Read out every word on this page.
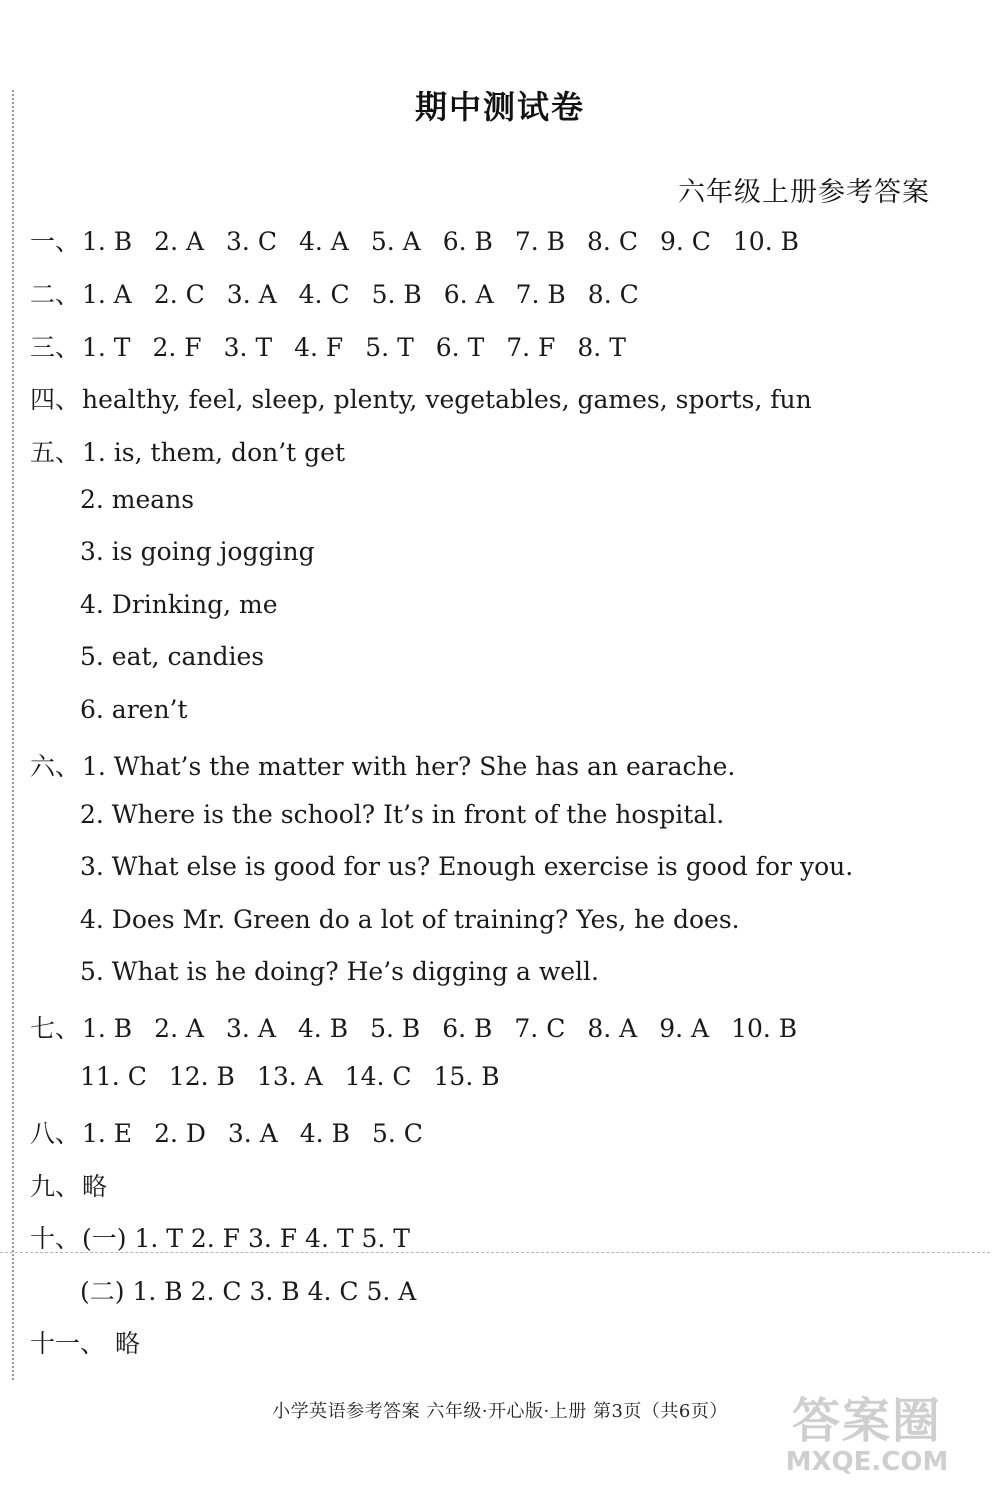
期中测试卷
六年级上册参考答案
一、1. B 2. A 3. C 4. A 5. A 6. B 7. B 8. C 9. C 10. B
二、1. A 2. C 3. A 4. C 5. B 6. A 7. B 8. C
三、1. T 2. F 3. T 4. F 5. T 6. T 7. F 8. T
四、healthy, feel, sleep, plenty, vegetables, games, sports, fun
五、1. is, them, don’t get
2. means
3. is going jogging
4. Drinking, me
5. eat, candies
6. aren’t
六、1. What’s the matter with her? She has an earache.
2. Where is the school? It’s in front of the hospital.
3. What else is good for us? Enough exercise is good for you.
4. Does Mr. Green do a lot of training? Yes, he does.
5. What is he doing? He’s digging a well.
七、1. B 2. A 3. A 4. B 5. B 6. B 7. C 8. A 9. A 10. B
11. C 12. B 13. A 14. C 15. B
八、1. E 2. D 3. A 4. B 5. C
九、略
十、(一) 1. T 2. F 3. F 4. T 5. T
(二) 1. B 2. C 3. B 4. C 5. A
十一、 略
小学英语参考答案 六年级·开心版·上册 第3页（共6页）	答案圈
MXQE.COM
